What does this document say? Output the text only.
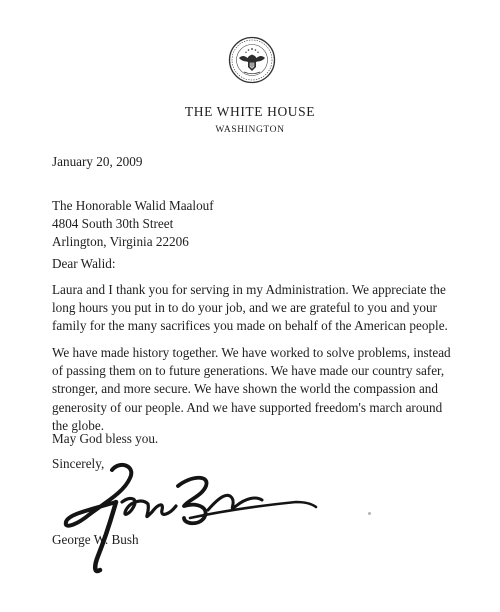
THE WHITE HOUSE
WASHINGTON
January 20, 2009
The Honorable Walid Maalouf
4804 South 30th Street
Arlington, Virginia 22206
Dear Walid:
Laura and I thank you for serving in my Administration. We appreciate the
long hours you put in to do your job, and we are grateful to you and your
family for the many sacrifices you made on behalf of the American people.
We have made history together. We have worked to solve problems, instead
of passing them on to future generations. We have made our country safer,
stronger, and more secure. We have shown the world the compassion and
generosity of our people. And we have supported freedom's march around
the globe.
May God bless you.
Sincerely,
George W. Bush
